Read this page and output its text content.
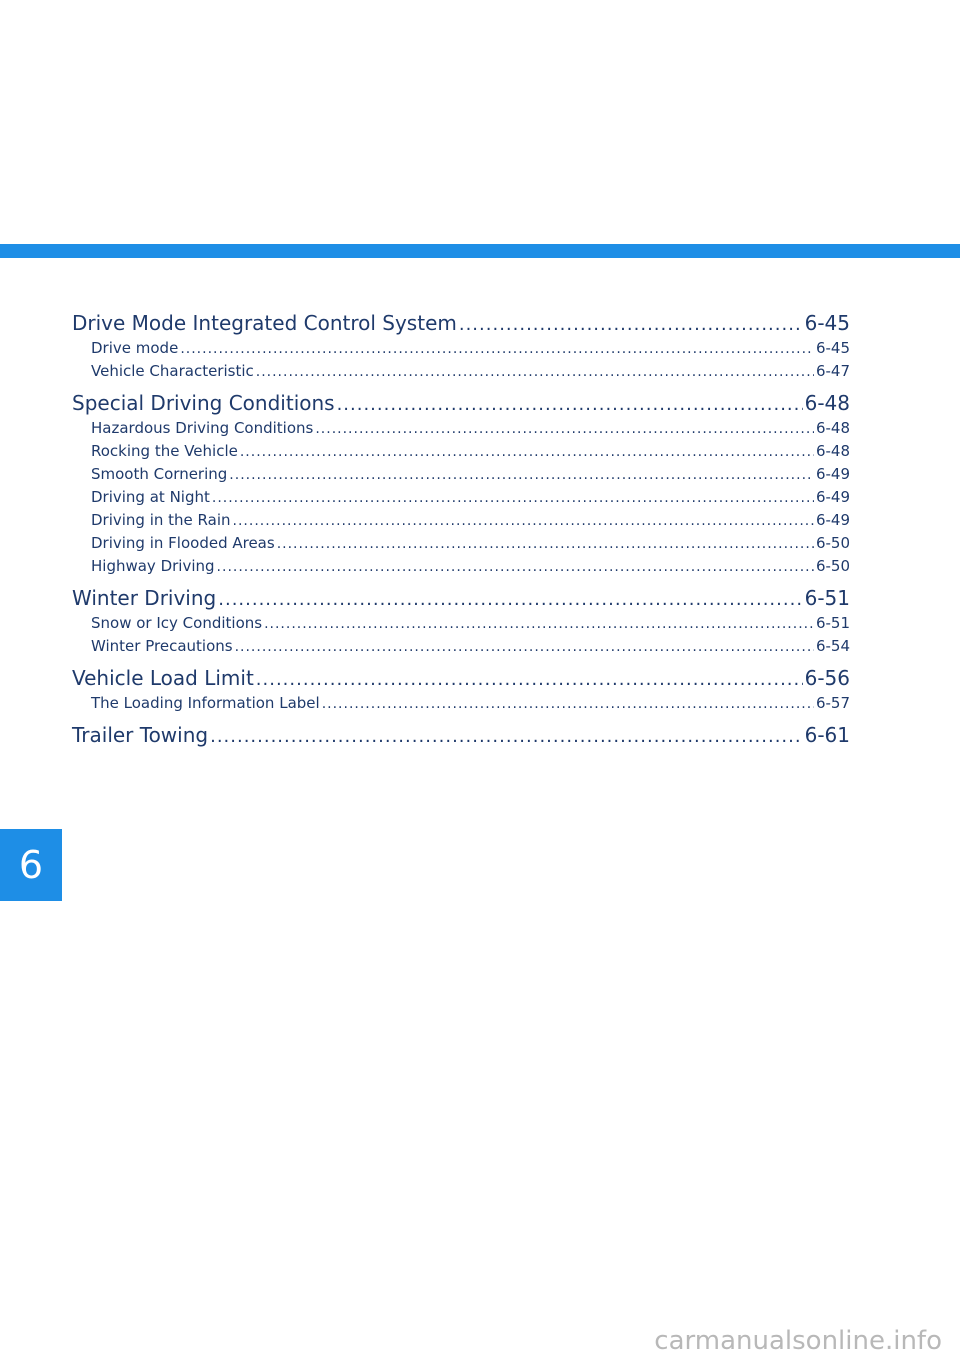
Drive Mode Integrated Control System .....	6-45
Drive mode .....	6-45
Vehicle Characteristic .....	6-47
Special Driving Conditions .....	6-48
Hazardous Driving Conditions .....	6-48
Rocking the Vehicle .....	6-48
Smooth Cornering .....	6-49
Driving at Night .....	6-49
Driving in the Rain .....	6-49
Driving in Flooded Areas .....	6-50
Highway Driving .....	6-50
Winter Driving .....	6-51
Snow or Icy Conditions .....	6-51
Winter Precautions .....	6-54
Vehicle Load Limit .....	6-56
The Loading Information Label .....	6-57
Trailer Towing .....	6-61
6
carmanualsonline.info
